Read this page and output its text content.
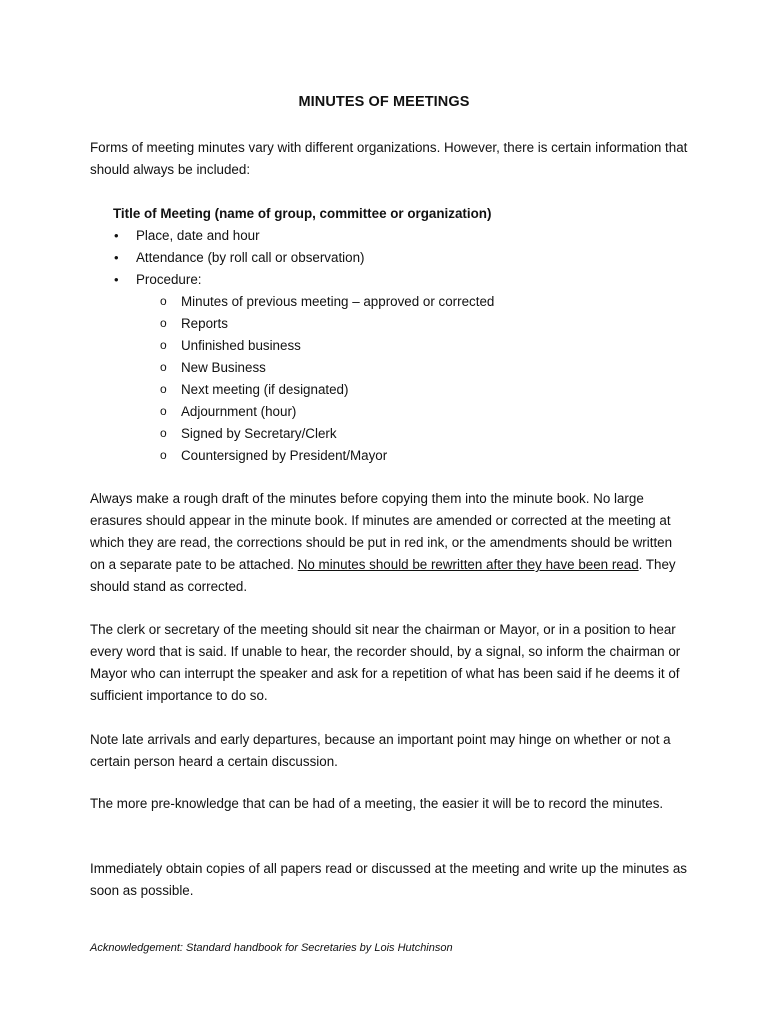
MINUTES OF MEETINGS

Forms of meeting minutes vary with different organizations. However, there is certain information that should always be included:

Title of Meeting (name of group, committee or organization)
• Place, date and hour
• Attendance (by roll call or observation)
• Procedure:
o Minutes of previous meeting – approved or corrected
o Reports
o Unfinished business
o New Business
o Next meeting (if designated)
o Adjournment (hour)
o Signed by Secretary/Clerk
o Countersigned by President/Mayor

Always make a rough draft of the minutes before copying them into the minute book. No large erasures should appear in the minute book. If minutes are amended or corrected at the meeting at which they are read, the corrections should be put in red ink, or the amendments should be written on a separate pate to be attached. No minutes should be rewritten after they have been read. They should stand as corrected.

The clerk or secretary of the meeting should sit near the chairman or Mayor, or in a position to hear every word that is said. If unable to hear, the recorder should, by a signal, so inform the chairman or Mayor who can interrupt the speaker and ask for a repetition of what has been said if he deems it of sufficient importance to do so.

Note late arrivals and early departures, because an important point may hinge on whether or not a certain person heard a certain discussion.

The more pre-knowledge that can be had of a meeting, the easier it will be to record the minutes.

Immediately obtain copies of all papers read or discussed at the meeting and write up the minutes as soon as possible.

Acknowledgement: Standard handbook for Secretaries by Lois Hutchinson
